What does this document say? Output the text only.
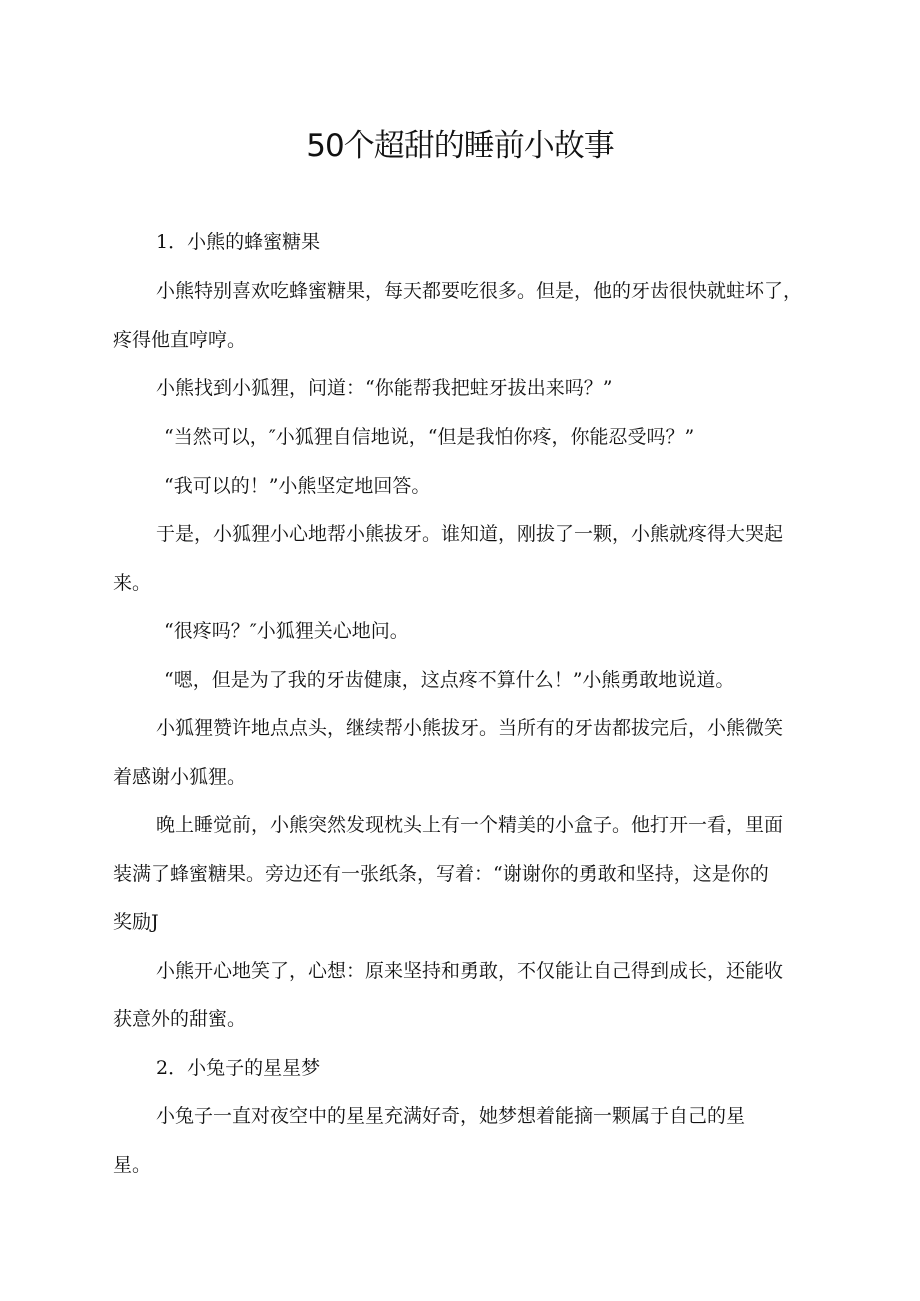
50个超甜的睡前小故事

1．小熊的蜂蜜糖果

小熊特别喜欢吃蜂蜜糖果，每天都要吃很多。但是，他的牙齿很快就蛀坏了，

疼得他直哼哼。

小熊找到小狐狸，问道：“你能帮我把蛀牙拔出来吗？”

“当然可以，″小狐狸自信地说，“但是我怕你疼，你能忍受吗？”

“我可以的！”小熊坚定地回答。

于是，小狐狸小心地帮小熊拔牙。谁知道，刚拔了一颗，小熊就疼得大哭起

来。

“很疼吗？″小狐狸关心地问。

“嗯，但是为了我的牙齿健康，这点疼不算什么！”小熊勇敢地说道。

小狐狸赞许地点点头，继续帮小熊拔牙。当所有的牙齿都拔完后，小熊微笑

着感谢小狐狸。

晚上睡觉前，小熊突然发现枕头上有一个精美的小盒子。他打开一看，里面

装满了蜂蜜糖果。旁边还有一张纸条，写着：“谢谢你的勇敢和坚持，这是你的

奖励J

小熊开心地笑了，心想：原来坚持和勇敢，不仅能让自己得到成长，还能收

获意外的甜蜜。

2．小兔子的星星梦

小兔子一直对夜空中的星星充满好奇，她梦想着能摘一颗属于自己的星

星。
